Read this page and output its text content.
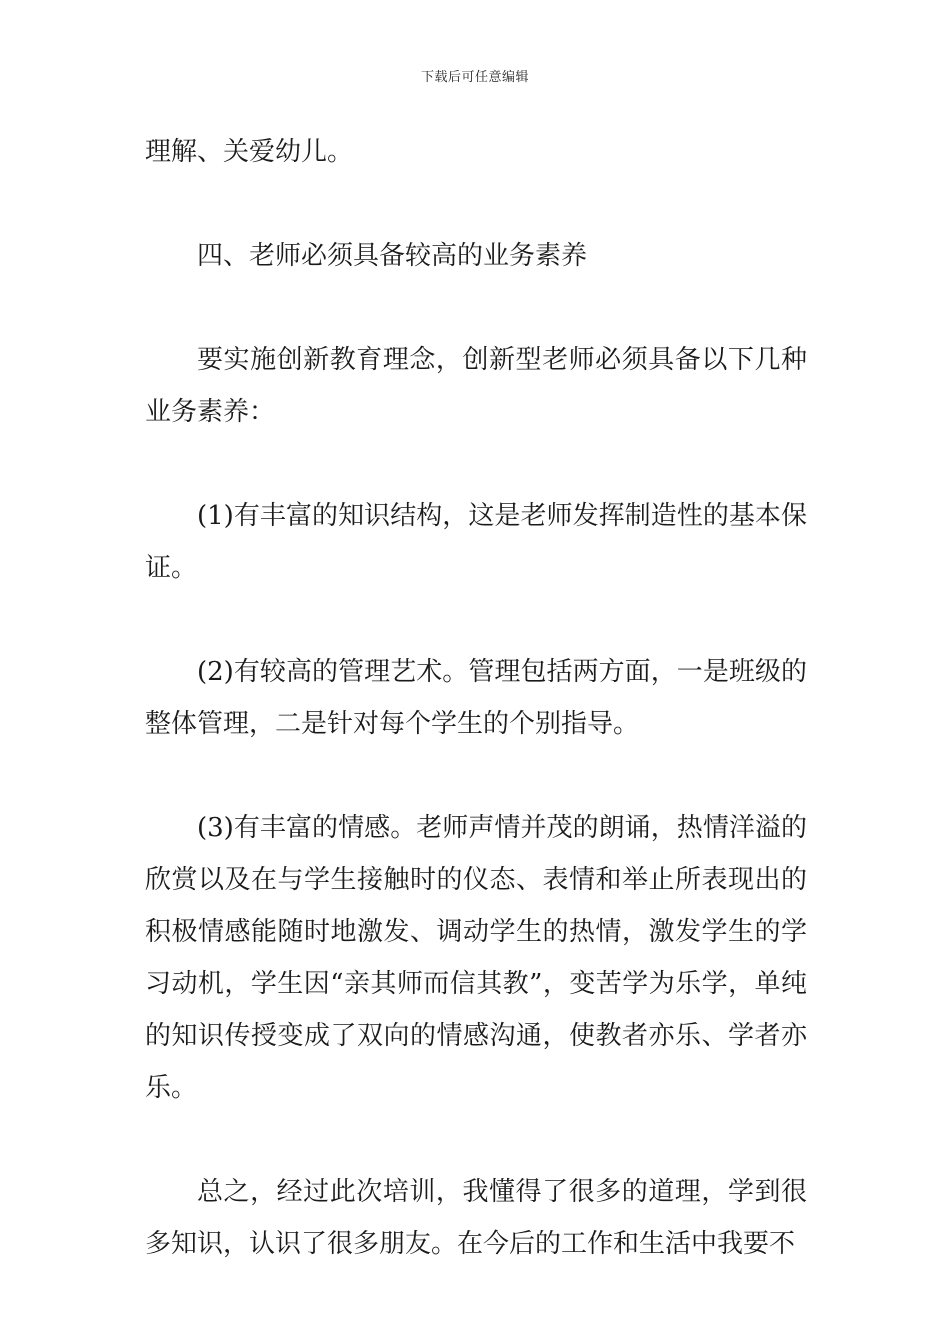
下载后可任意编辑

理解、关爱幼儿。

四、老师必须具备较高的业务素养

要实施创新教育理念，创新型老师必须具备以下几种业务素养：

(1)有丰富的知识结构，这是老师发挥制造性的基本保证。

(2)有较高的管理艺术。管理包括两方面，一是班级的整体管理，二是针对每个学生的个别指导。

(3)有丰富的情感。老师声情并茂的朗诵，热情洋溢的欣赏以及在与学生接触时的仪态、表情和举止所表现出的积极情感能随时地激发、调动学生的热情，激发学生的学习动机，学生因“亲其师而信其教”，变苦学为乐学，单纯的知识传授变成了双向的情感沟通，使教者亦乐、学者亦乐。

总之，经过此次培训，我懂得了很多的道理，学到很多知识，认识了很多朋友。在今后的工作和生活中我要不
